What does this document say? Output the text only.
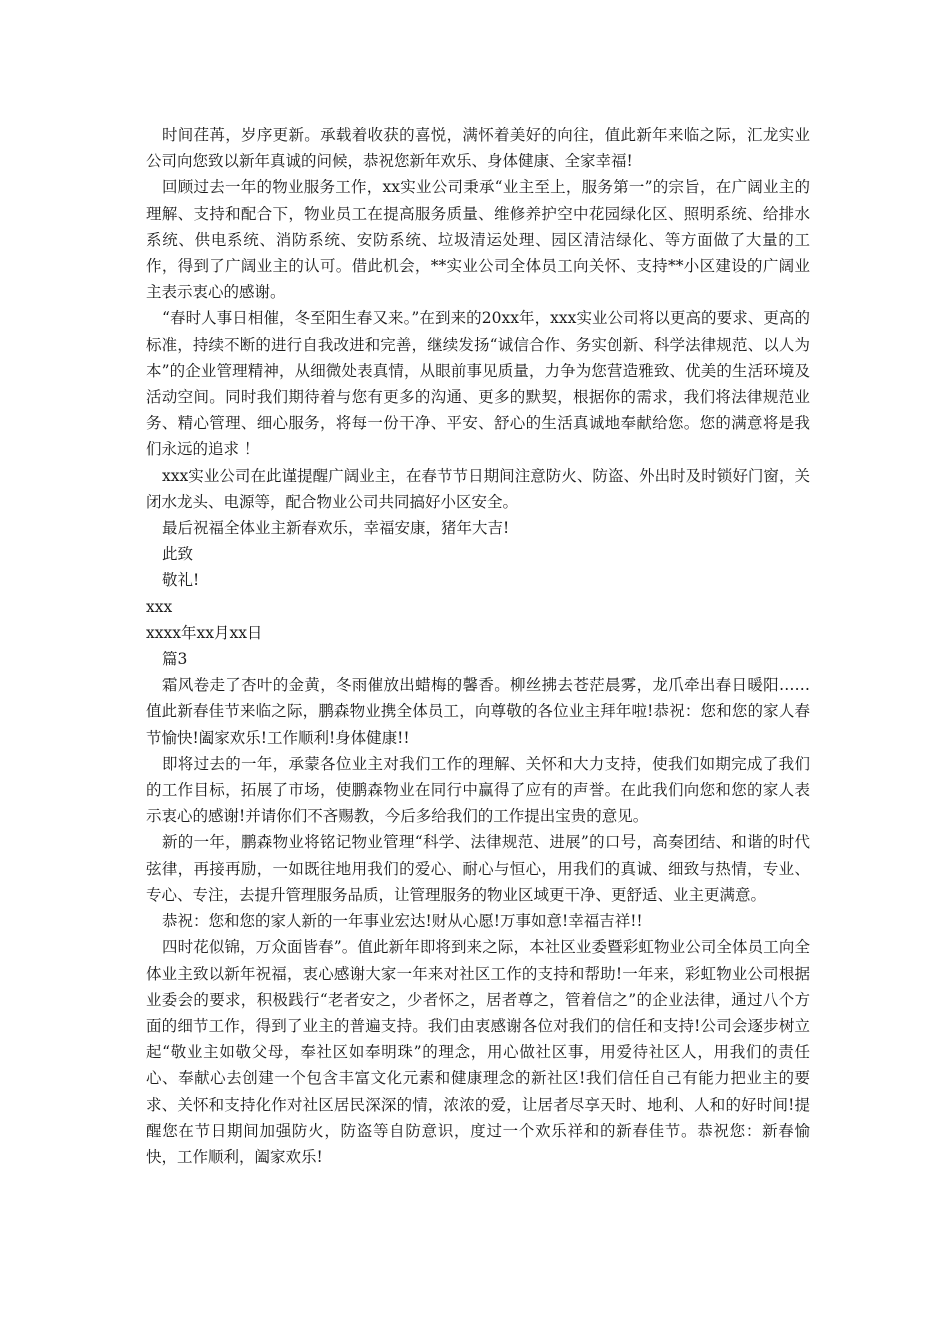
时间荏苒，岁序更新。承载着收获的喜悦，满怀着美好的向往，值此新年来临之际，汇龙实业公司向您致以新年真诚的问候，恭祝您新年欢乐、身体健康、全家幸福!

回顾过去一年的物业服务工作，xx实业公司秉承“业主至上，服务第一”的宗旨，在广阔业主的理解、支持和配合下，物业员工在提高服务质量、维修养护空中花园绿化区、照明系统、给排水系统、供电系统、消防系统、安防系统、垃圾清运处理、园区清洁绿化、等方面做了大量的工作，得到了广阔业主的认可。借此机会，**实业公司全体员工向关怀、支持**小区建设的广阔业主表示衷心的感谢。

“春时人事日相催，冬至阳生春又来。”在到来的20xx年，xxx实业公司将以更高的要求、更高的标准，持续不断的进行自我改进和完善，继续发扬“诚信合作、务实创新、科学法律规范、以人为本”的企业管理精神，从细微处表真情，从眼前事见质量，力争为您营造雅致、优美的生活环境及活动空间。同时我们期待着与您有更多的沟通、更多的默契，根据你的需求，我们将法律规范业务、精心管理、细心服务，将每一份干净、平安、舒心的生活真诚地奉献给您。您的满意将是我们永远的追求 ！

xxx实业公司在此谨提醒广阔业主，在春节节日期间注意防火、防盗、外出时及时锁好门窗，关闭水龙头、电源等，配合物业公司共同搞好小区安全。

最后祝福全体业主新春欢乐，幸福安康，猪年大吉!

此致

敬礼!

xxx

xxxx年xx月xx日

篇3

霜风卷走了杏叶的金黄，冬雨催放出蜡梅的馨香。柳丝拂去苍茫晨雾，龙爪牵出春日暖阳……值此新春佳节来临之际，鹏森物业携全体员工，向尊敬的各位业主拜年啦!恭祝：您和您的家人春节愉快!阖家欢乐!工作顺利!身体健康!!

即将过去的一年，承蒙各位业主对我们工作的理解、关怀和大力支持，使我们如期完成了我们的工作目标，拓展了市场，使鹏森物业在同行中赢得了应有的声誉。在此我们向您和您的家人表示衷心的感谢!并请你们不吝赐教，今后多给我们的工作提出宝贵的意见。

新的一年，鹏森物业将铭记物业管理“科学、法律规范、进展”的口号，高奏团结、和谐的时代弦律，再接再励，一如既往地用我们的爱心、耐心与恒心，用我们的真诚、细致与热情，专业、专心、专注，去提升管理服务品质，让管理服务的物业区域更干净、更舒适、业主更满意。

恭祝：您和您的家人新的一年事业宏达!财从心愿!万事如意!幸福吉祥!!

四时花似锦，万众面皆春”。值此新年即将到来之际，本社区业委暨彩虹物业公司全体员工向全体业主致以新年祝福，衷心感谢大家一年来对社区工作的支持和帮助!一年来，彩虹物业公司根据业委会的要求，积极践行“老者安之，少者怀之，居者尊之，管着信之”的企业法律，通过八个方面的细节工作，得到了业主的普遍支持。我们由衷感谢各位对我们的信任和支持!公司会逐步树立起“敬业主如敬父母，奉社区如奉明珠”的理念，用心做社区事，用爱待社区人，用我们的责任心、奉献心去创建一个包含丰富文化元素和健康理念的新社区!我们信任自己有能力把业主的要求、关怀和支持化作对社区居民深深的情，浓浓的爱，让居者尽享天时、地利、人和的好时间!提醒您在节日期间加强防火，防盗等自防意识，度过一个欢乐祥和的新春佳节。恭祝您：新春愉快，工作顺利，阖家欢乐!
